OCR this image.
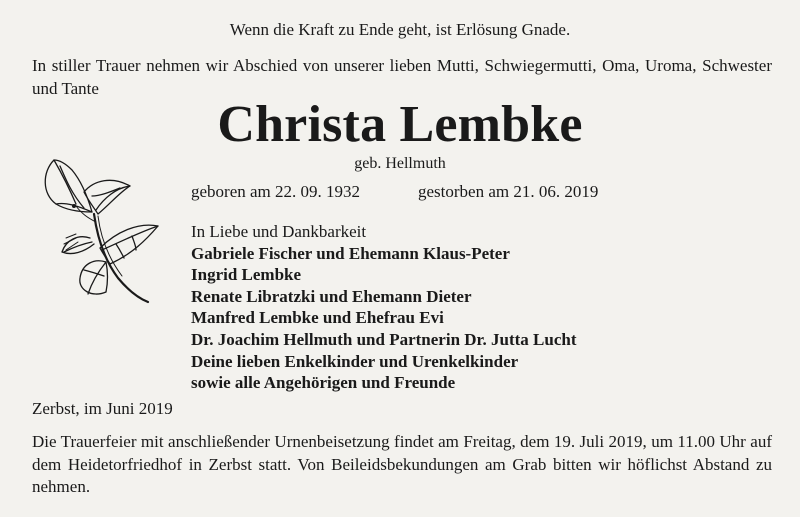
Wenn die Kraft zu Ende geht, ist Erlösung Gnade.
In stiller Trauer nehmen wir Abschied von unserer lieben Mutti, Schwiegermutti, Oma, Uroma, Schwester und Tante
Christa Lembke
geb. Hellmuth
geboren am 22. 09. 1932	gestorben am 21. 06. 2019
In Liebe und Dankbarkeit
Gabriele Fischer und Ehemann Klaus-Peter
Ingrid Lembke
Renate Libratzki und Ehemann Dieter
Manfred Lembke und Ehefrau Evi
Dr. Joachim Hellmuth und Partnerin Dr. Jutta Lucht
Deine lieben Enkelkinder und Urenkelkinder
sowie alle Angehörigen und Freunde
Zerbst, im Juni 2019
Die Trauerfeier mit anschließender Urnenbeisetzung findet am Freitag, dem 19. Juli 2019, um 11.00 Uhr auf dem Heidetorfriedhof in Zerbst statt. Von Beileidsbekundungen am Grab bitten wir höflichst Abstand zu nehmen.
